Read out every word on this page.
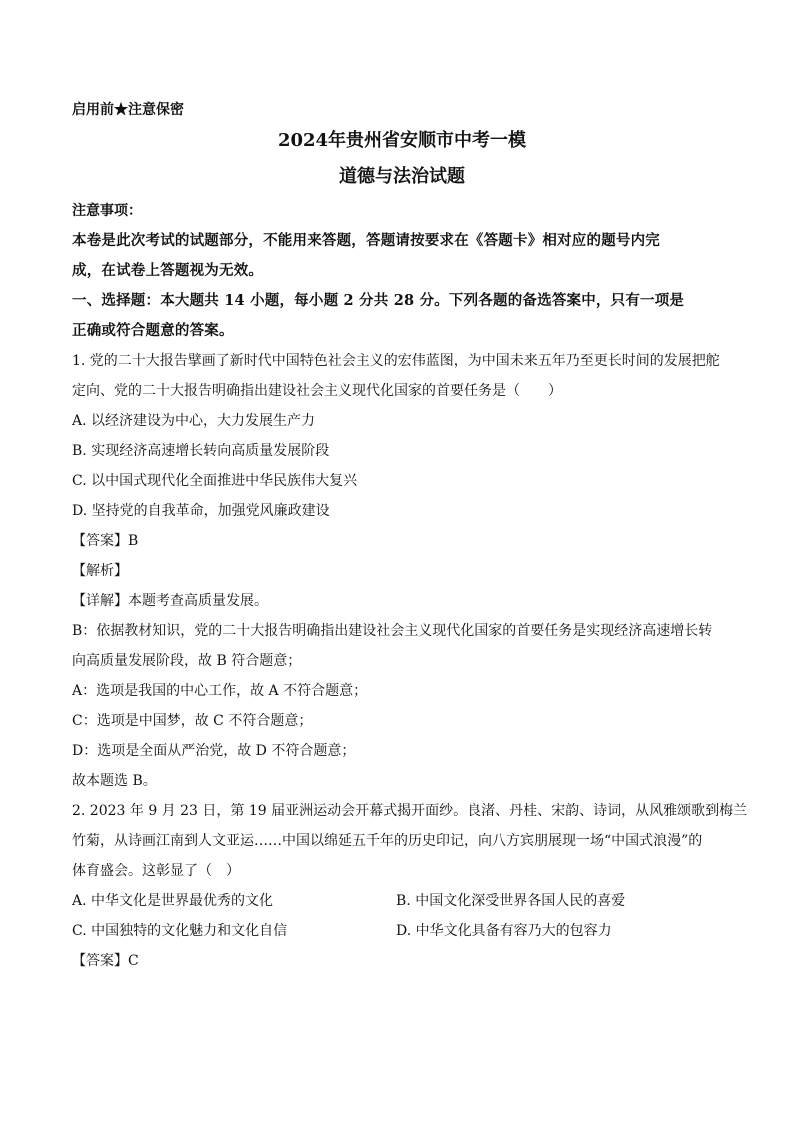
启用前★注意保密
2024年贵州省安顺市中考一模
道德与法治试题
注意事项：
本卷是此次考试的试题部分，不能用来答题，答题请按要求在《答题卡》相对应的题号内完
成，在试卷上答题视为无效。
一、选择题：本大题共 14 小题，每小题 2 分共 28 分。下列各题的备选答案中，只有一项是
正确或符合题意的答案。
1. 党的二十大报告擘画了新时代中国特色社会主义的宏伟蓝图，为中国未来五年乃至更长时间的发展把舵
定向、党的二十大报告明确指出建设社会主义现代化国家的首要任务是（　　）
A. 以经济建设为中心，大力发展生产力
B. 实现经济高速增长转向高质量发展阶段
C. 以中国式现代化全面推进中华民族伟大复兴
D. 坚持党的自我革命，加强党风廉政建设
【答案】B
【解析】
【详解】本题考查高质量发展。
B：依据教材知识，党的二十大报告明确指出建设社会主义现代化国家的首要任务是实现经济高速增长转
向高质量发展阶段，故 B 符合题意；
A：选项是我国的中心工作，故 A 不符合题意；
C：选项是中国梦，故 C 不符合题意；
D：选项是全面从严治党，故 D 不符合题意；
故本题选 B。
2. 2023 年 9 月 23 日，第 19 届亚洲运动会开幕式揭开面纱。良渚、丹桂、宋韵、诗词，从风雅颂歌到梅兰
竹菊，从诗画江南到人文亚运……中国以绵延五千年的历史印记，向八方宾朋展现一场“中国式浪漫”的
体育盛会。这彰显了（　）
A. 中华文化是世界最优秀的文化	B. 中国文化深受世界各国人民的喜爱
C. 中国独特的文化魅力和文化自信	D. 中华文化具备有容乃大的包容力
【答案】C
